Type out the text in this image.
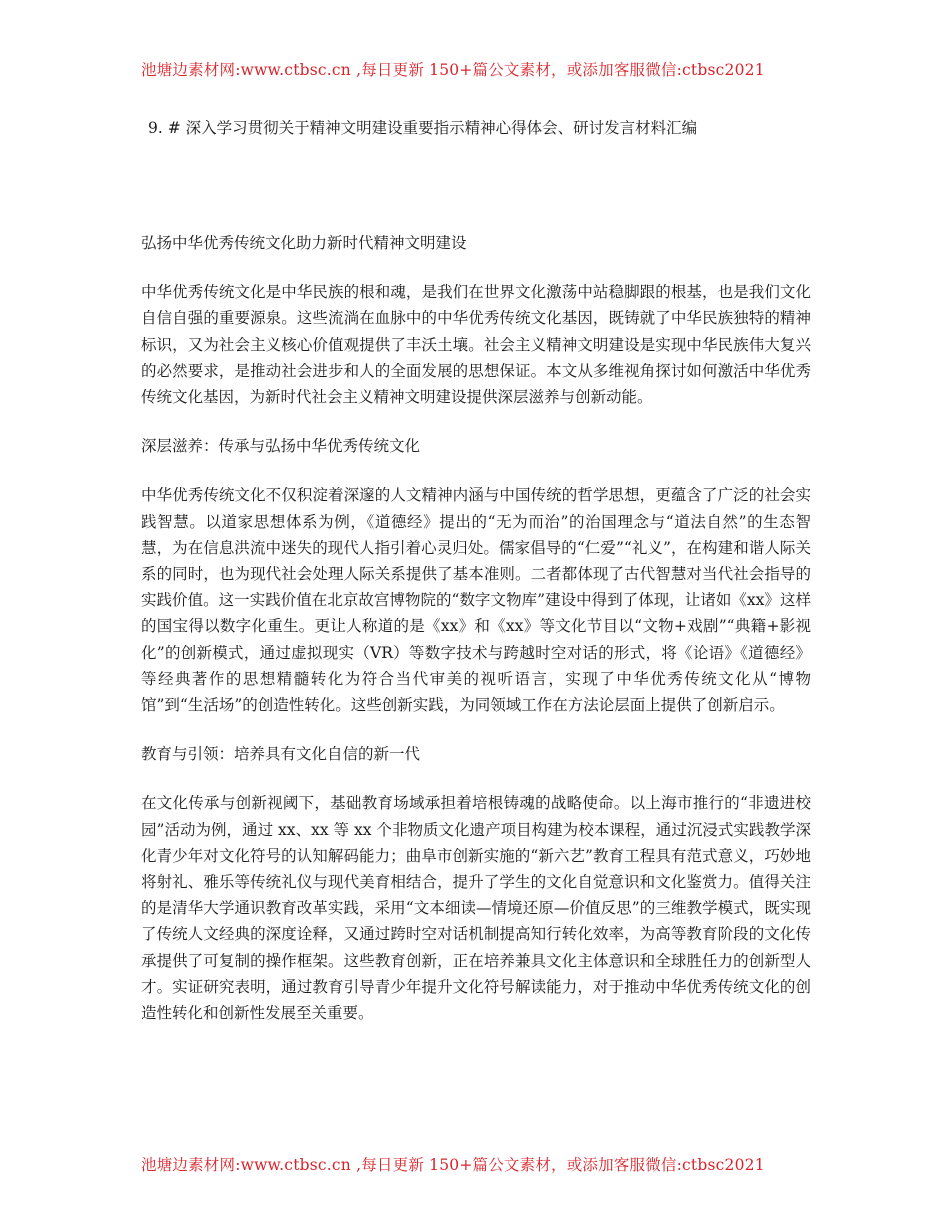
池塘边素材网:www.ctbsc.cn ,每日更新 150+篇公文素材，或添加客服微信:ctbsc2021
9. # 深入学习贯彻关于精神文明建设重要指示精神心得体会、研讨发言材料汇编

弘扬中华优秀传统文化助力新时代精神文明建设

中华优秀传统文化是中华民族的根和魂，是我们在世界文化激荡中站稳脚跟的根基，也是我们文化自信自强的重要源泉。这些流淌在血脉中的中华优秀传统文化基因，既铸就了中华民族独特的精神标识，又为社会主义核心价值观提供了丰沃土壤。社会主义精神文明建设是实现中华民族伟大复兴的必然要求，是推动社会进步和人的全面发展的思想保证。本文从多维视角探讨如何激活中华优秀传统文化基因，为新时代社会主义精神文明建设提供深层滋养与创新动能。

深层滋养：传承与弘扬中华优秀传统文化

中华优秀传统文化不仅积淀着深邃的人文精神内涵与中国传统的哲学思想，更蕴含了广泛的社会实践智慧。以道家思想体系为例，《道德经》提出的“无为而治”的治国理念与“道法自然”的生态智慧，为在信息洪流中迷失的现代人指引着心灵归处。儒家倡导的“仁爱”“礼义”，在构建和谐人际关系的同时，也为现代社会处理人际关系提供了基本准则。二者都体现了古代智慧对当代社会指导的实践价值。这一实践价值在北京故宫博物院的“数字文物库”建设中得到了体现，让诸如《xx》这样的国宝得以数字化重生。更让人称道的是《xx》和《xx》等文化节目以“文物+戏剧”“典籍+影视化”的创新模式，通过虚拟现实（VR）等数字技术与跨越时空对话的形式，将《论语》《道德经》等经典著作的思想精髓转化为符合当代审美的视听语言，实现了中华优秀传统文化从“博物馆”到“生活场”的创造性转化。这些创新实践，为同领域工作在方法论层面上提供了创新启示。

教育与引领：培养具有文化自信的新一代

在文化传承与创新视阈下，基础教育场域承担着培根铸魂的战略使命。以上海市推行的“非遗进校园”活动为例，通过 xx、xx 等 xx 个非物质文化遗产项目构建为校本课程，通过沉浸式实践教学深化青少年对文化符号的认知解码能力；曲阜市创新实施的“新六艺”教育工程具有范式意义，巧妙地将射礼、雅乐等传统礼仪与现代美育相结合，提升了学生的文化自觉意识和文化鉴赏力。值得关注的是清华大学通识教育改革实践，采用“文本细读—情境还原—价值反思”的三维教学模式，既实现了传统人文经典的深度诠释，又通过跨时空对话机制提高知行转化效率，为高等教育阶段的文化传承提供了可复制的操作框架。这些教育创新，正在培养兼具文化主体意识和全球胜任力的创新型人才。实证研究表明，通过教育引导青少年提升文化符号解读能力，对于推动中华优秀传统文化的创造性转化和创新性发展至关重要。

池塘边素材网:www.ctbsc.cn ,每日更新 150+篇公文素材，或添加客服微信:ctbsc2021
